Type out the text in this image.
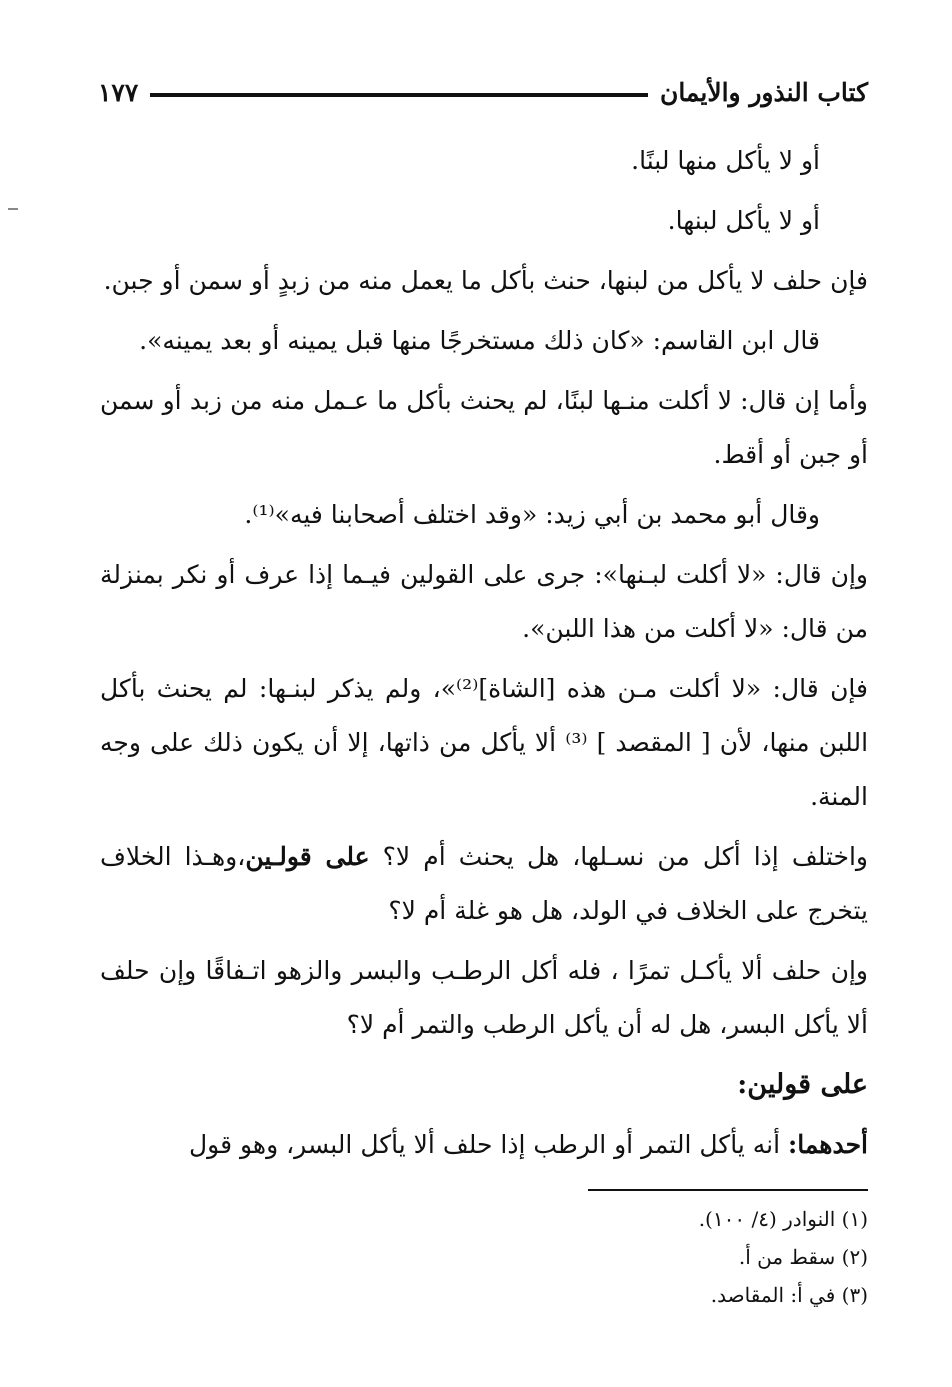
كتاب النذور والأيمان
١٧٧

أو لا يأكل منها لبنًا.

أو لا يأكل لبنها.

فإن حلف لا يأكل من لبنها، حنث بأكل ما يعمل منه من زبدٍ أو سمن أو جبن.

قال ابن القاسم: «كان ذلك مستخرجًا منها قبل يمينه أو بعد يمينه».

وأما إن قال: لا أكلت منـها لبنًا، لم يحنث بأكل ما عـمل منه من زبد أو سمن أو جبن أو أقط.

وقال أبو محمد بن أبي زيد: «وقد اختلف أصحابنا فيه»⁽¹⁾.

وإن قال: «لا أكلت لبـنها»: جرى على القولين فيـما إذا عرف أو نكر بمنزلة من قال: «لا أكلت من هذا اللبن».

فإن قال: «لا أكلت مـن هذه [الشاة]⁽²⁾»، ولم يذكر لبنـها: لم يحنث بأكل اللبن منها، لأن [ المقصد ] ⁽³⁾ ألا يأكل من ذاتها، إلا أن يكون ذلك على وجه المنة.

واختلف إذا أكل من نسـلها، هل يحنث أم لا؟ على قولـين،وهـذا الخلاف يتخرج على الخلاف في الولد، هل هو غلة أم لا؟

وإن حلف ألا يأكـل تمرًا ، فله أكل الرطـب والبسر والزهو اتـفاقًا وإن حلف ألا يأكل البسر، هل له أن يأكل الرطب والتمر أم لا؟

على قولين:

أحدهما: أنه يأكل التمر أو الرطب إذا حلف ألا يأكل البسر، وهو قول

(١) النوادر (٤/ ١٠٠).

(٢) سقط من أ.

(٣) في أ: المقاصد.
